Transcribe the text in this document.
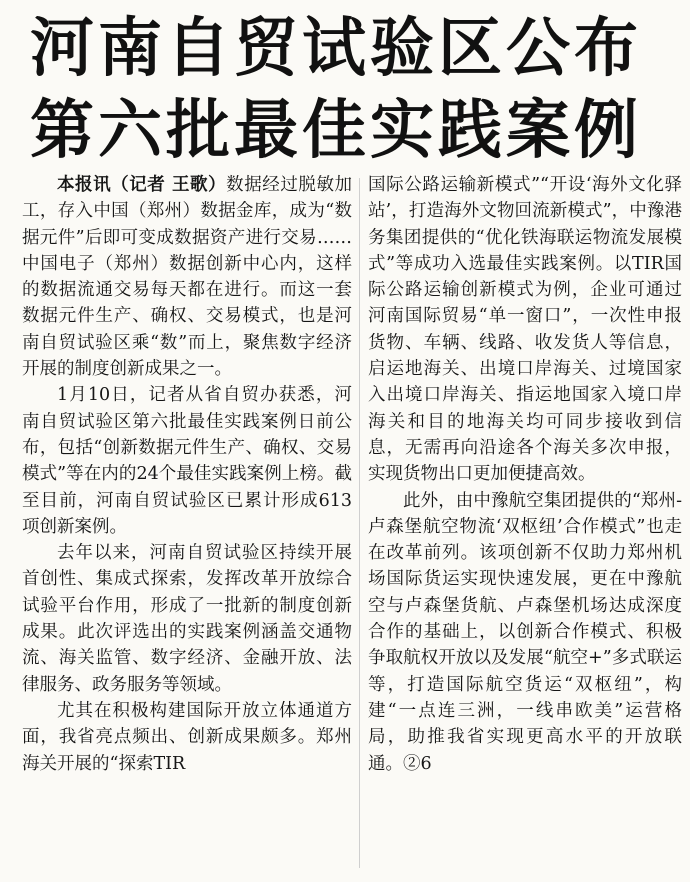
河南自贸试验区公布
第六批最佳实践案例

本报讯（记者 王歌）数据经过脱敏加工，存入中国（郑州）数据金库，成为“数据元件”后即可变成数据资产进行交易……中国电子（郑州）数据创新中心内，这样的数据流通交易每天都在进行。而这一套数据元件生产、确权、交易模式，也是河南自贸试验区乘“数”而上，聚焦数字经济开展的制度创新成果之一。

1月10日，记者从省自贸办获悉，河南自贸试验区第六批最佳实践案例日前公布，包括“创新数据元件生产、确权、交易模式”等在内的24个最佳实践案例上榜。截至目前，河南自贸试验区已累计形成613项创新案例。

去年以来，河南自贸试验区持续开展首创性、集成式探索，发挥改革开放综合试验平台作用，形成了一批新的制度创新成果。此次评选出的实践案例涵盖交通物流、海关监管、数字经济、金融开放、法律服务、政务服务等领域。

尤其在积极构建国际开放立体通道方面，我省亮点频出、创新成果颇多。郑州海关开展的“探索TIR

国际公路运输新模式”“开设‘海外文化驿站’，打造海外文物回流新模式”，中豫港务集团提供的“优化铁海联运物流发展模式”等成功入选最佳实践案例。以TIR国际公路运输创新模式为例，企业可通过河南国际贸易“单一窗口”，一次性申报货物、车辆、线路、收发货人等信息，启运地海关、出境口岸海关、过境国家入出境口岸海关、指运地国家入境口岸海关和目的地海关均可同步接收到信息，无需再向沿途各个海关多次申报，实现货物出口更加便捷高效。

此外，由中豫航空集团提供的“郑州-卢森堡航空物流‘双枢纽’合作模式”也走在改革前列。该项创新不仅助力郑州机场国际货运实现快速发展，更在中豫航空与卢森堡货航、卢森堡机场达成深度合作的基础上，以创新合作模式、积极争取航权开放以及发展“航空+”多式联运等，打造国际航空货运“双枢纽”，构建“一点连三洲，一线串欧美”运营格局，助推我省实现更高水平的开放联通。②6
